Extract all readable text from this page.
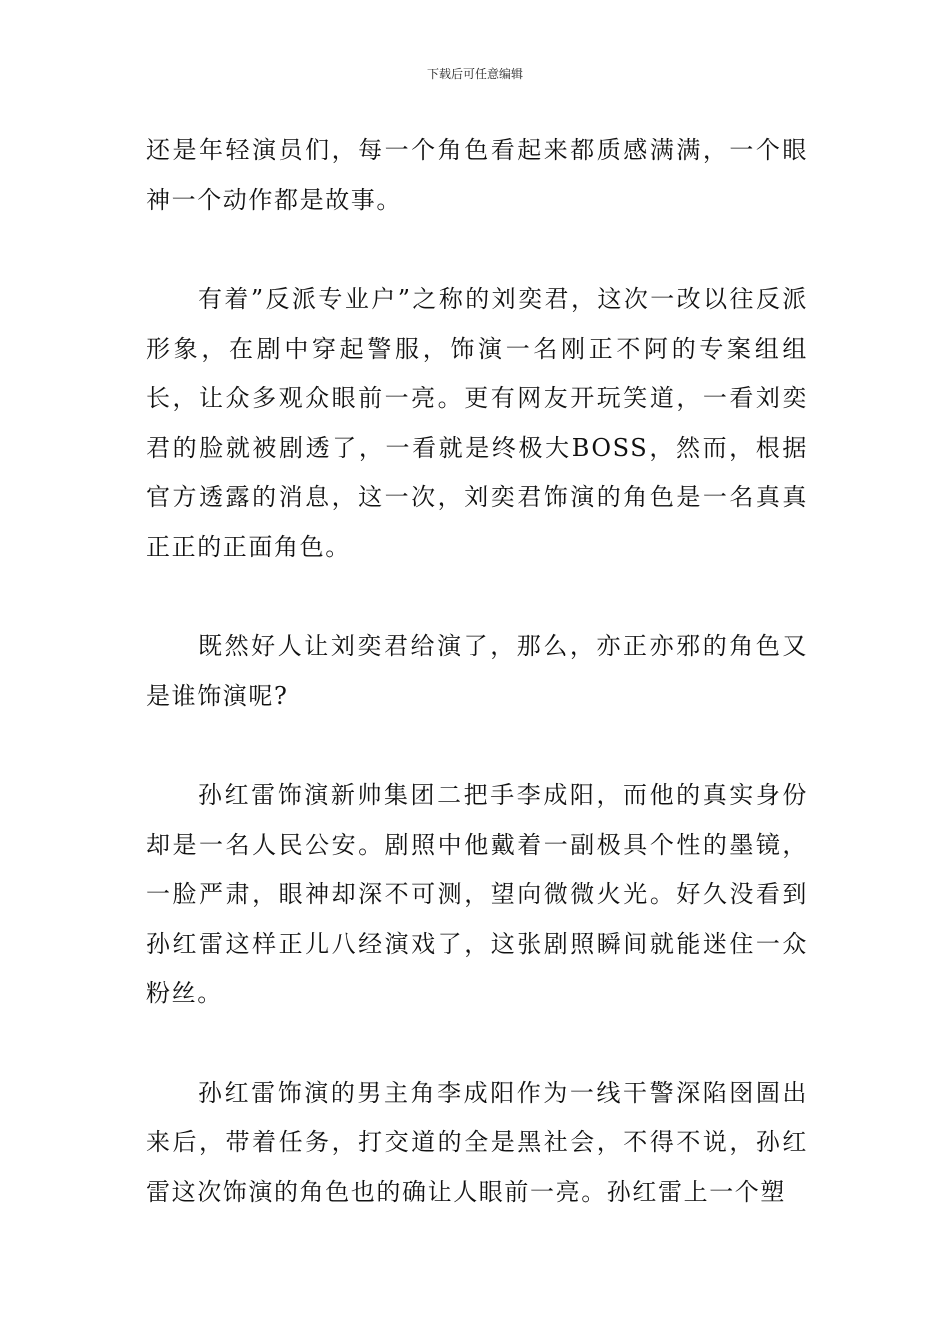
下载后可任意编辑

还是年轻演员们，每一个角色看起来都质感满满，一个眼神一个动作都是故事。

有着”反派专业户”之称的刘奕君，这次一改以往反派形象，在剧中穿起警服，饰演一名刚正不阿的专案组组长，让众多观众眼前一亮。更有网友开玩笑道，一看刘奕君的脸就被剧透了，一看就是终极大BOSS，然而，根据官方透露的消息，这一次，刘奕君饰演的角色是一名真真正正的正面角色。

既然好人让刘奕君给演了，那么，亦正亦邪的角色又是谁饰演呢?

孙红雷饰演新帅集团二把手李成阳，而他的真实身份却是一名人民公安。剧照中他戴着一副极具个性的墨镜，一脸严肃，眼神却深不可测，望向微微火光。好久没看到孙红雷这样正儿八经演戏了，这张剧照瞬间就能迷住一众粉丝。

孙红雷饰演的男主角李成阳作为一线干警深陷囹圄出来后，带着任务，打交道的全是黑社会，不得不说，孙红雷这次饰演的角色也的确让人眼前一亮。孙红雷上一个塑
